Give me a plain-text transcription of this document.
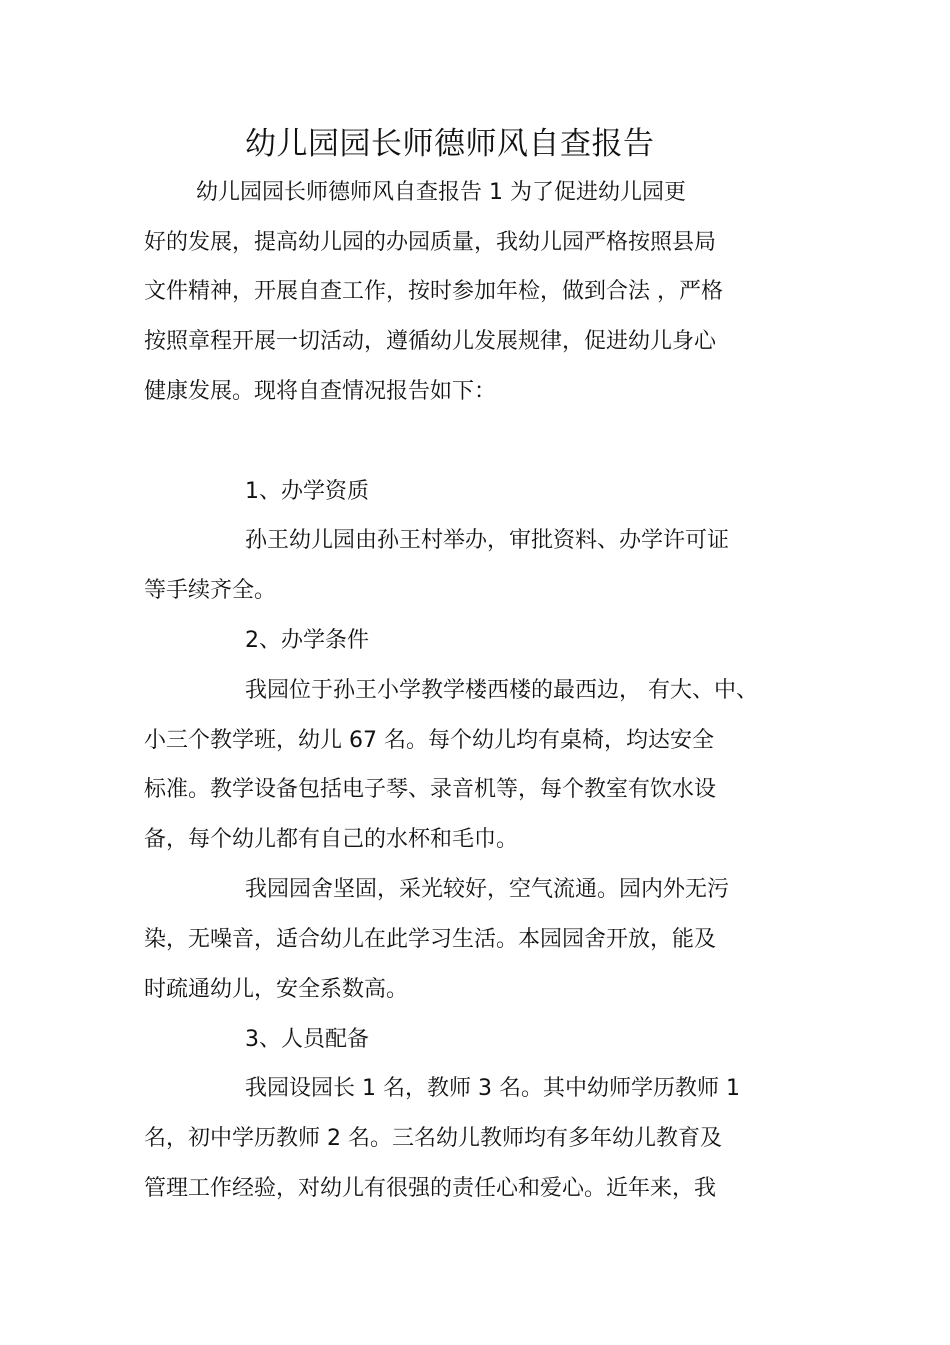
幼儿园园长师德师风自查报告
幼儿园园长师德师风自查报告 1 为了促进幼儿园更
好的发展，提高幼儿园的办园质量，我幼儿园严格按照县局
文件精神，开展自查工作，按时参加年检，做到合法 ，严格
按照章程开展一切活动，遵循幼儿发展规律，促进幼儿身心
健康发展。现将自查情况报告如下：
1、办学资质
孙王幼儿园由孙王村举办，审批资料、办学许可证
等手续齐全。
2、办学条件
我园位于孙王小学教学楼西楼的最西边， 有大、中、
小三个教学班，幼儿 67 名。每个幼儿均有桌椅，均达安全
标准。教学设备包括电子琴、录音机等，每个教室有饮水设
备，每个幼儿都有自己的水杯和毛巾。
我园园舍坚固，采光较好，空气流通。园内外无污
染，无噪音，适合幼儿在此学习生活。本园园舍开放，能及
时疏通幼儿，安全系数高。
3、人员配备
我园设园长 1 名，教师 3 名。其中幼师学历教师 1
名，初中学历教师 2 名。三名幼儿教师均有多年幼儿教育及
管理工作经验，对幼儿有很强的责任心和爱心。近年来，我
